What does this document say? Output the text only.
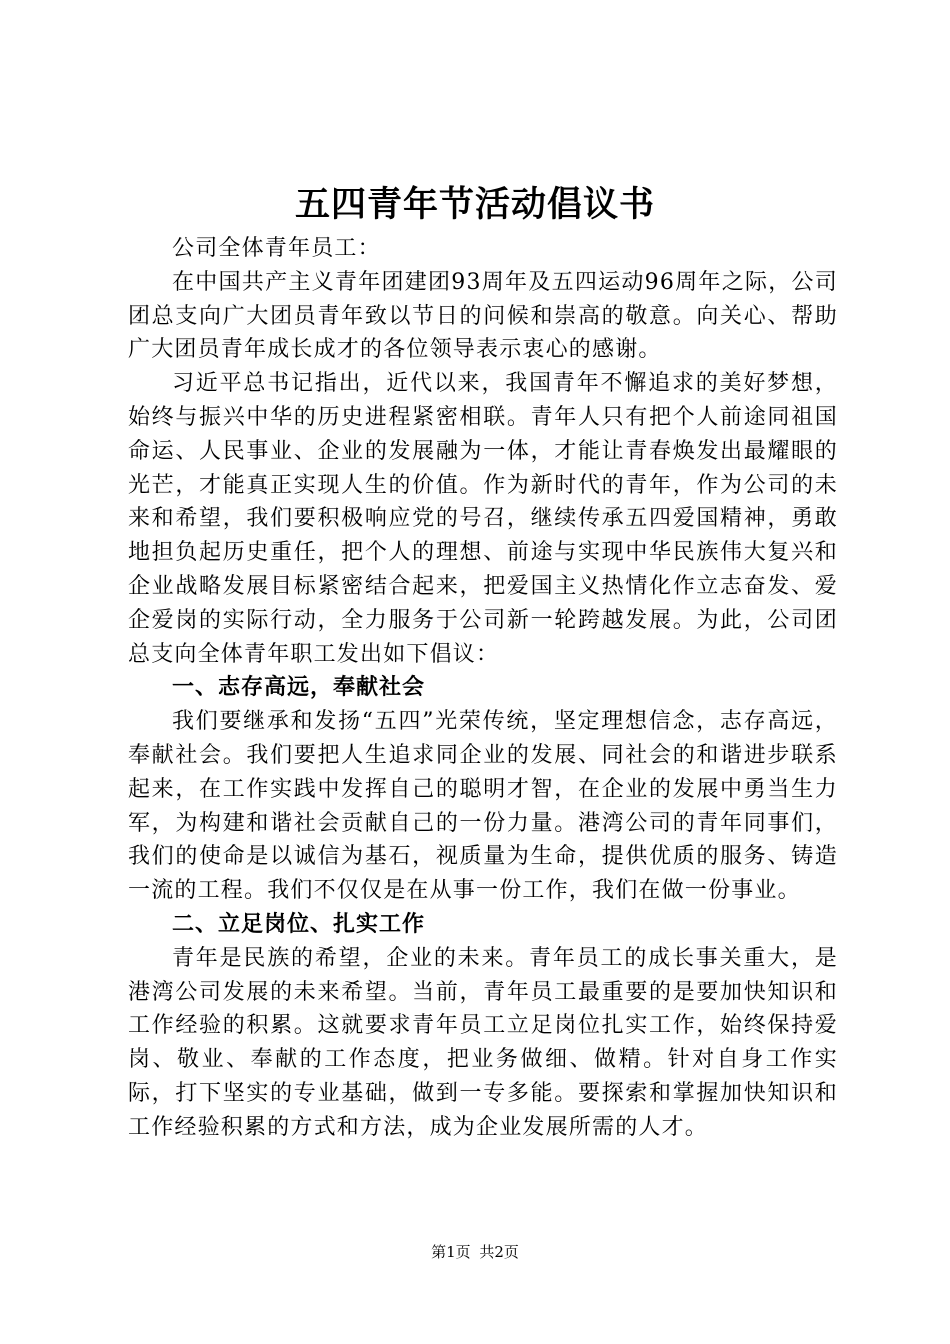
五四青年节活动倡议书

公司全体青年员工：

在中国共产主义青年团建团93周年及五四运动96周年之际，公司团总支向广大团员青年致以节日的问候和崇高的敬意。向关心、帮助广大团员青年成长成才的各位领导表示衷心的感谢。

习近平总书记指出，近代以来，我国青年不懈追求的美好梦想，始终与振兴中华的历史进程紧密相联。青年人只有把个人前途同祖国命运、人民事业、企业的发展融为一体，才能让青春焕发出最耀眼的光芒，才能真正实现人生的价值。作为新时代的青年，作为公司的未来和希望，我们要积极响应党的号召，继续传承五四爱国精神，勇敢地担负起历史重任，把个人的理想、前途与实现中华民族伟大复兴和企业战略发展目标紧密结合起来，把爱国主义热情化作立志奋发、爱企爱岗的实际行动，全力服务于公司新一轮跨越发展。为此，公司团总支向全体青年职工发出如下倡议：

一、志存高远，奉献社会

我们要继承和发扬“五四”光荣传统，坚定理想信念，志存高远，奉献社会。我们要把人生追求同企业的发展、同社会的和谐进步联系起来，在工作实践中发挥自己的聪明才智，在企业的发展中勇当生力军，为构建和谐社会贡献自己的一份力量。港湾公司的青年同事们，我们的使命是以诚信为基石，视质量为生命，提供优质的服务、铸造一流的工程。我们不仅仅是在从事一份工作，我们在做一份事业。

二、立足岗位、扎实工作

青年是民族的希望，企业的未来。青年员工的成长事关重大，是港湾公司发展的未来希望。当前，青年员工最重要的是要加快知识和工作经验的积累。这就要求青年员工立足岗位扎实工作，始终保持爱岗、敬业、奉献的工作态度，把业务做细、做精。针对自身工作实际，打下坚实的专业基础，做到一专多能。要探索和掌握加快知识和工作经验积累的方式和方法，成为企业发展所需的人才。

第1页 共2页
